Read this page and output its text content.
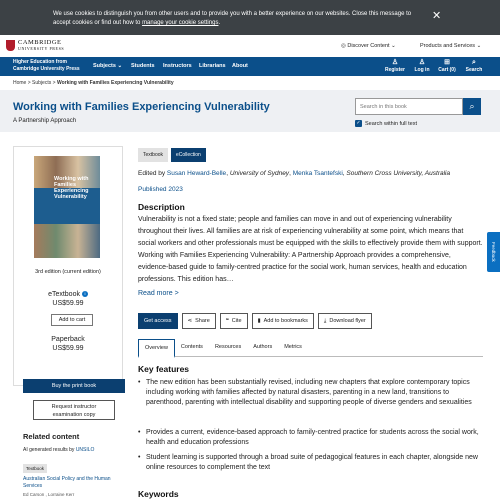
We use cookies to distinguish you from other users and to provide you with a better experience on our websites. Close this message to accept cookies or find out how to manage your cookie settings.
✕
CAMBRIDGE
UNIVERSITY PRESS	◎ Discover Content ⌄	Products and Services ⌄
Higher Education from
Cambridge University Press Subjects ⌄ Students Instructors Librarians About	♙
Register
♙
Log in
⊞
Cart (0)
⌕
Search
Home > Subjects > Working with Families Experiencing Vulnerability
Working with Families Experiencing Vulnerability
A Partnership Approach
Search in this book	⌕
✓ Search within full text
Working with Families Experiencing Vulnerability
3rd edition (current edition)
eTextbook i
US$59.99
Add to cart
Paperback
US$59.99
Buy the print book
Request instructor
examination copy
Related content
AI generated results by UNSILO
Textbook
Australian Social Policy and the Human Services
Ed Carson , Lorraine Kerr
Textbook	eCollection
Edited by Susan Heward-Belle, University of Sydney, Menka Tsantefski, Southern Cross University, Australia
Published 2023
Description
Vulnerability is not a fixed state; people and families can move in and out of experiencing vulnerability throughout their lives. All families are at risk of experiencing vulnerability at some point, which means that social workers and other professionals must be equipped with the skills to effectively provide them with support. Working with Families Experiencing Vulnerability: A Partnership Approach provides a comprehensive, evidence-based guide to family-centred practice for the social work, human services, health and education professions. This edition has…
Read more >
Get access	⋖ Share	❝ Cite	▮ Add to bookmarks	⤓ Download flyer
Overview	Contents	Resources	Authors	Metrics
Key features
• The new edition has been substantially revised, including new chapters that explore contemporary topics including working with families affected by natural disasters, parenting in a new land, transitions to parenthood, parenting with intellectual disability and supporting people of diverse genders and sexualities
• Provides a current, evidence-based approach to family-centred practice for students across the social work, health and education professions
• Student learning is supported through a broad suite of pedagogical features in each chapter, alongside new online resources to complement the text
Keywords
Feedback
